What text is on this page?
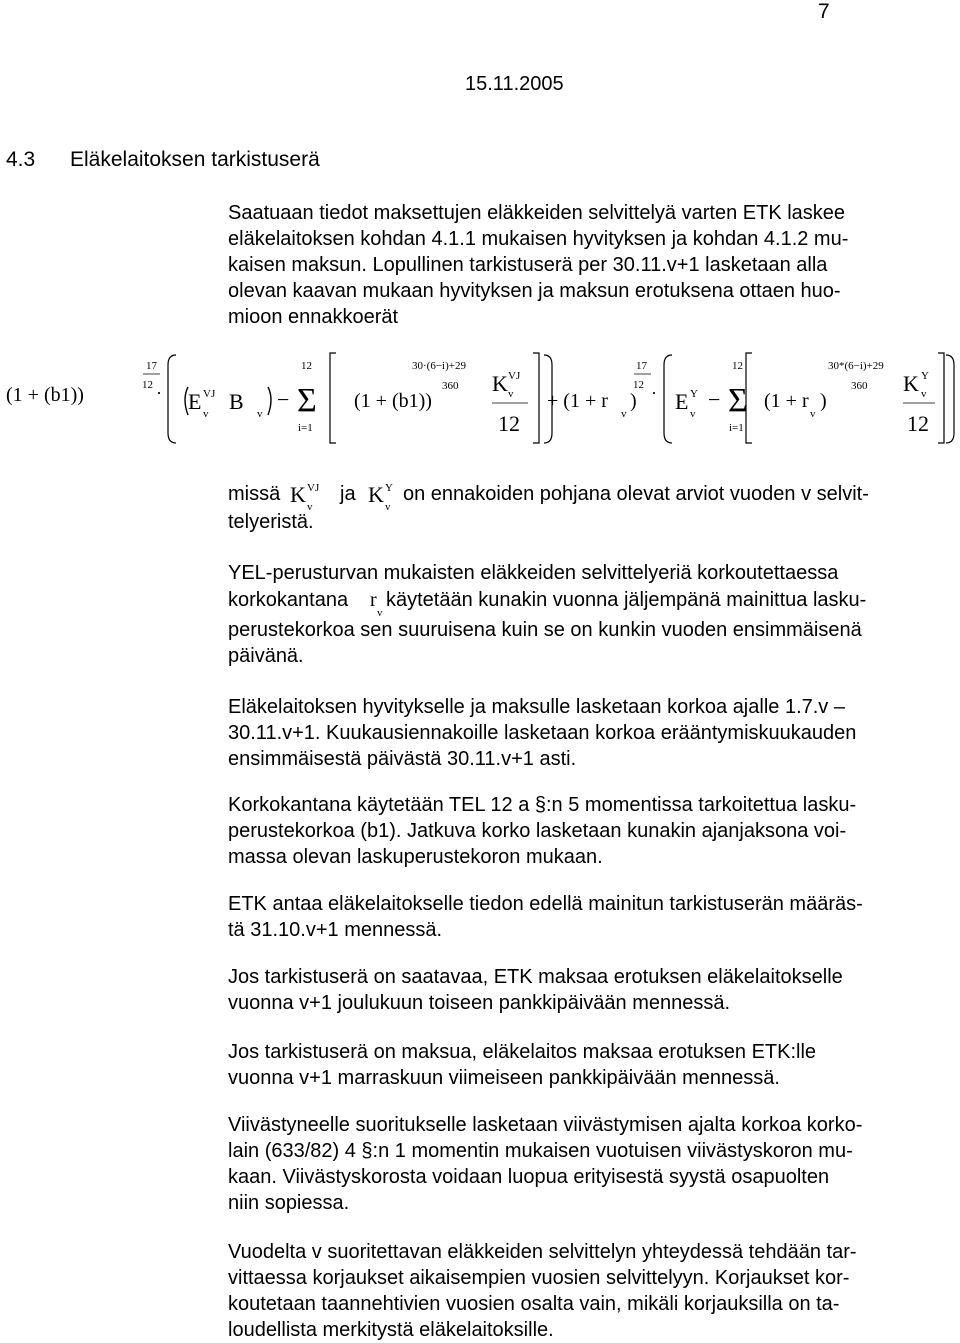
7
15.11.2005
4.3 Eläkelaitoksen tarkistuserä
Saatuaan tiedot maksettujen eläkkeiden selvittelyä varten ETK laskee
eläkelaitoksen kohdan 4.1.1 mukaisen hyvityksen ja kohdan 4.1.2 mu-
kaisen maksun. Lopullinen tarkistuserä per 30.11.v+1 lasketaan alla
olevan kaavan mukaan hyvityksen ja maksun erotuksena ottaen huo-
mioon ennakkoerät
(1 + (b1))
17
12 · E VJ
v B v
−
12
Σ
i=1
(1 + (b1))
30·(6−i)+29
360 K VJ
v
12
+ (1 + r
v
)
17
12 · E Y
v
−
12
Σ
i=1
(1 + r
v
)
30*(6−i)+29
360 K Y
v
12
missä K VJ
v
ja K Y
v
on ennakoiden pohjana olevat arviot vuoden v selvit-
telyeristä.
YEL-perusturvan mukaisten eläkkeiden selvittelyeriä korkoutettaessa
korkokantana r
v
käytetään kunakin vuonna jäljempänä mainittua lasku-
perustekorkoa sen suuruisena kuin se on kunkin vuoden ensimmäisenä
päivänä.
Eläkelaitoksen hyvitykselle ja maksulle lasketaan korkoa ajalle 1.7.v –
30.11.v+1. Kuukausiennakoille lasketaan korkoa erääntymiskuukauden
ensimmäisestä päivästä 30.11.v+1 asti.
Korkokantana käytetään TEL 12 a §:n 5 momentissa tarkoitettua lasku-
perustekorkoa (b1). Jatkuva korko lasketaan kunakin ajanjaksona voi-
massa olevan laskuperustekoron mukaan.
ETK antaa eläkelaitokselle tiedon edellä mainitun tarkistuserän määräs-
tä 31.10.v+1 mennessä.
Jos tarkistuserä on saatavaa, ETK maksaa erotuksen eläkelaitokselle
vuonna v+1 joulukuun toiseen pankkipäivään mennessä.
Jos tarkistuserä on maksua, eläkelaitos maksaa erotuksen ETK:lle
vuonna v+1 marraskuun viimeiseen pankkipäivään mennessä.
Viivästyneelle suoritukselle lasketaan viivästymisen ajalta korkoa korko-
lain (633/82) 4 §:n 1 momentin mukaisen vuotuisen viivästyskoron mu-
kaan. Viivästyskorosta voidaan luopua erityisestä syystä osapuolten
niin sopiessa.
Vuodelta v suoritettavan eläkkeiden selvittelyn yhteydessä tehdään tar-
vittaessa korjaukset aikaisempien vuosien selvittelyyn. Korjaukset kor-
koutetaan taannehtivien vuosien osalta vain, mikäli korjauksilla on ta-
loudellista merkitystä eläkelaitoksille.
